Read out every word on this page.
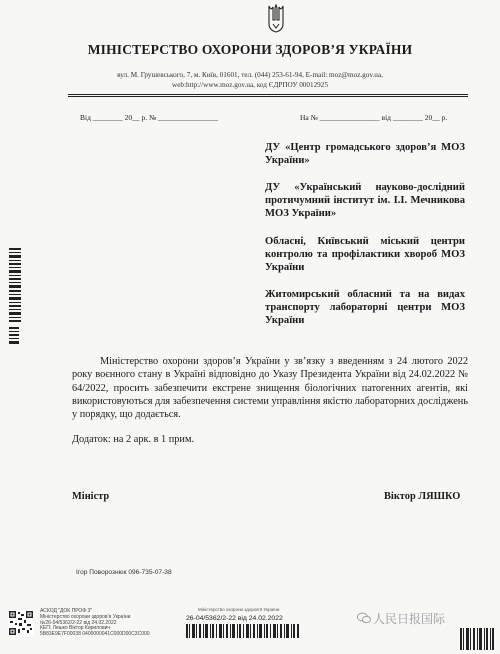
МІНІСТЕРСТВО ОХОРОНИ ЗДОРОВ’Я УКРАЇНИ
вул. М. Грушевського, 7, м. Київ, 01601, тел. (044) 253-61-94, E-mail: moz@moz.gov.ua,
web:http://www.moz.gov.ua, код ЄДРПОУ 00012925
Від ________ 20__ р. № ________________	На № ________________ від ________ 20__ р.
ДУ «Центр громадського здоров’я МОЗ України»
ДУ «Український науково-дослідний протичумний інститут ім. І.І. Мечникова МОЗ України»
Обласні, Київський міський центри контролю та профілактики хвороб МОЗ України
Житомирський обласний та на видах транспорту лабораторні центри МОЗ України
Міністерство охорони здоров’я України у зв’язку з введенням з 24 лютого 2022 року воєнного стану в Україні відповідно до Указу Президента України від 24.02.2022 № 64/2022, просить забезпечити екстрене знищення біологічних патогенних агентів, які використовуються для забезпечення системи управління якістю лабораторних досліджень у порядку, що додається.
Додаток: на 2 арк. в 1 прим.
Міністр	Віктор ЛЯШКО
Ігор Поворознюк 096-735-07-38
АСКОД "ДОК ПРОФ 3"
Міністерство охорони здоров’я України
№26-04/5362/2-22 від 24.02.2022
КЕП: Ляшко Віктор Кирилович
5B83E9E7F00038 0400000041C000D00C3C000
Міністерство охорони здоров’я України
26-04/5362/2-22 від 24.02.2022	人民日报国际
